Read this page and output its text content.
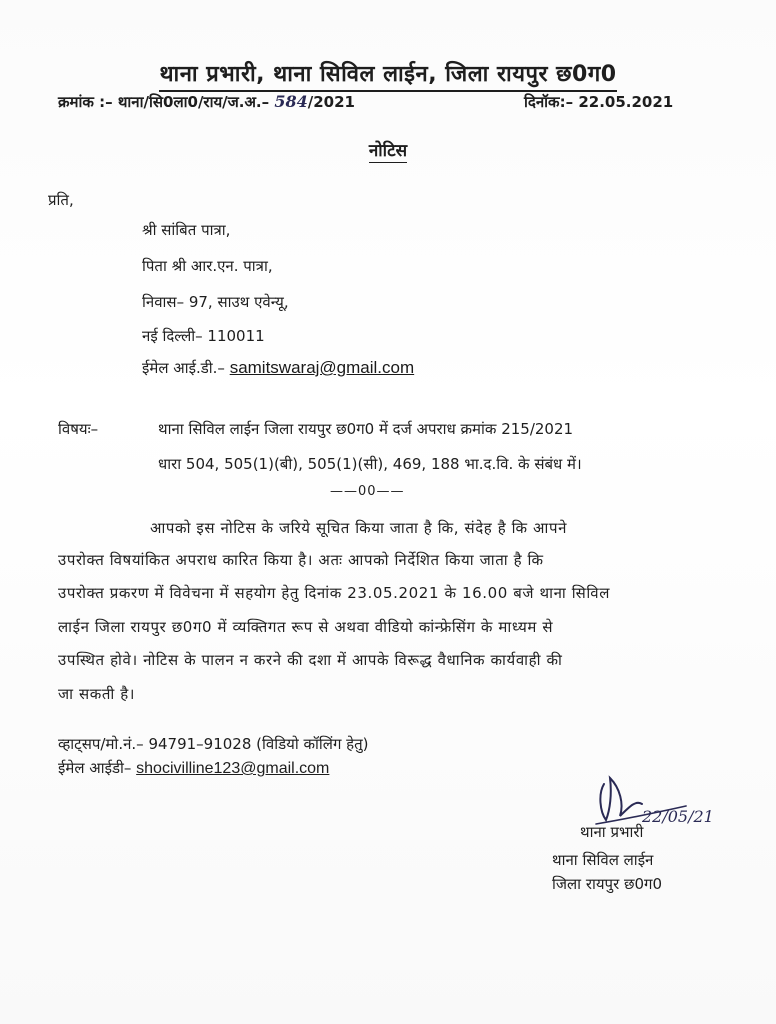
थाना प्रभारी, थाना सिविल लाईन, जिला रायपुर छ0ग0
क्रमांक :– थाना/सि0ला0/राय/ज.अ.– 584/2021	दिनॉक:– 22.05.2021
नोटिस
प्रति,
श्री सांबित पात्रा,
पिता श्री आर.एन. पात्रा,
निवास– 97, साउथ एवेन्यू,
नई दिल्ली– 110011
ईमेल आई.डी.– samitswaraj@gmail.com
विषयः–	थाना सिविल लाईन जिला रायपुर छ0ग0 में दर्ज अपराध क्रमांक 215/2021
धारा 504, 505(1)(बी), 505(1)(सी), 469, 188 भा.द.वि. के संबंध में।
——00——
आपको इस नोटिस के जरिये सूचित किया जाता है कि, संदेह है कि आपने
उपरोक्त विषयांकित अपराध कारित किया है। अतः आपको निर्देशित किया जाता है कि
उपरोक्त प्रकरण में विवेचना में सहयोग हेतु दिनांक 23.05.2021 के 16.00 बजे थाना सिविल
लाईन जिला रायपुर छ0ग0 में व्यक्तिगत रूप से अथवा वीडियो कांन्फ्रेसिंग के माध्यम से
उपस्थित होवे। नोटिस के पालन न करने की दशा में आपके विरूद्ध वैधानिक कार्यवाही की
जा सकती है।
व्हाट्सप/मो.नं.– 94791–91028 (विडियो कॉलिंग हेतु)
ईमेल आईडी– shocivilline123@gmail.com
22/05/21
थाना प्रभारी
थाना सिविल लाईन
जिला रायपुर छ0ग0
